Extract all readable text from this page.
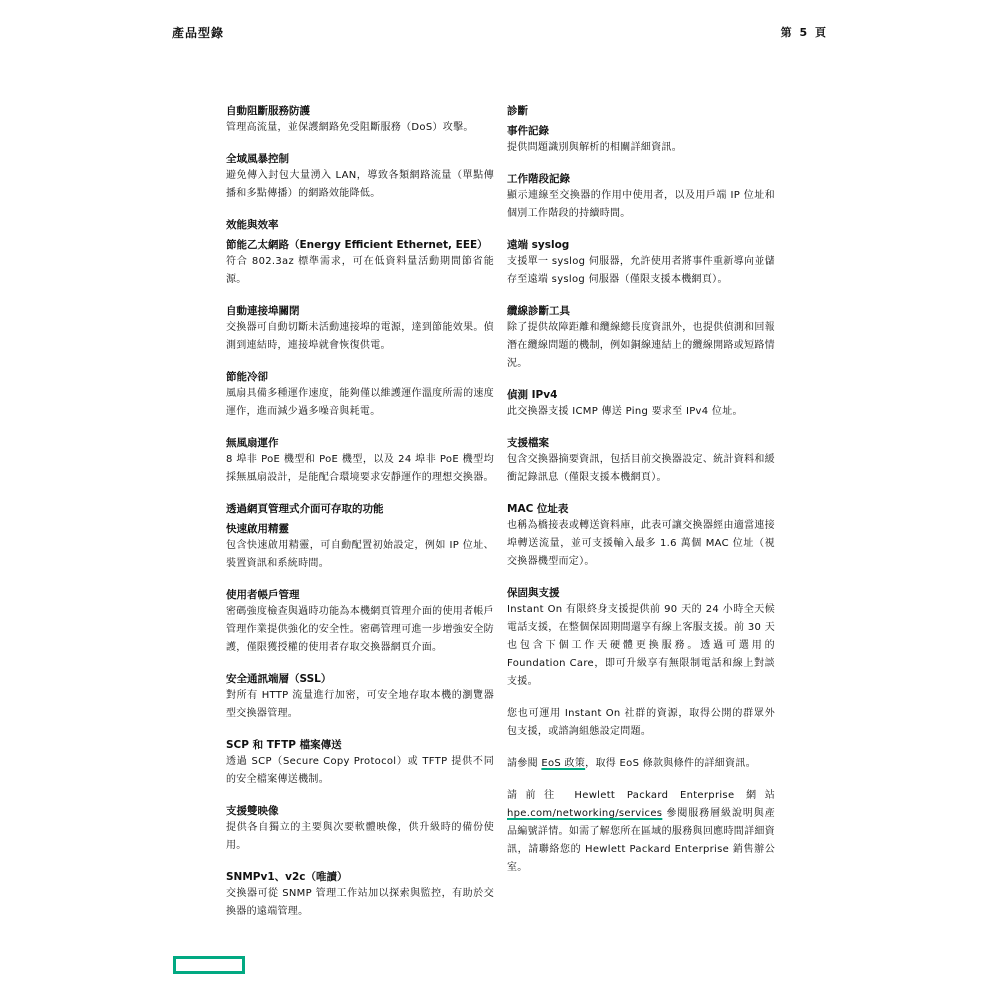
產品型錄	第 5 頁
自動阻斷服務防護
管理高流量，並保護網路免受阻斷服務（DoS）攻擊。
全域風暴控制
避免傳入封包大量湧入 LAN，導致各類網路流量（單點傳播和多點傳播）的網路效能降低。
效能與效率
節能乙太網路（Energy Efficient Ethernet, EEE）
符合 802.3az 標準需求，可在低資料量活動期間節省能源。
自動連接埠關閉
交換器可自動切斷未活動連接埠的電源，達到節能效果。偵測到連結時，連接埠就會恢復供電。
節能冷卻
風扇具備多種運作速度，能夠僅以維護運作溫度所需的速度運作，進而減少過多噪音與耗電。
無風扇運作
8 埠非 PoE 機型和 PoE 機型，以及 24 埠非 PoE 機型均採無風扇設計，是能配合環境要求安靜運作的理想交換器。
透過網頁管理式介面可存取的功能
快速啟用精靈
包含快速啟用精靈，可自動配置初始設定，例如 IP 位址、裝置資訊和系統時間。
使用者帳戶管理
密碼強度檢查與過時功能為本機網頁管理介面的使用者帳戶管理作業提供強化的安全性。密碼管理可進一步增強安全防護，僅限獲授權的使用者存取交換器網頁介面。
安全通訊端層（SSL）
對所有 HTTP 流量進行加密，可安全地存取本機的瀏覽器型交換器管理。
SCP 和 TFTP 檔案傳送
透過 SCP（Secure Copy Protocol）或 TFTP 提供不同的安全檔案傳送機制。
支援雙映像
提供各自獨立的主要與次要軟體映像，供升級時的備份使用。
SNMPv1、v2c（唯讀）
交換器可從 SNMP 管理工作站加以探索與監控，有助於交換器的遠端管理。
診斷
事件記錄
提供問題識別與解析的相關詳細資訊。
工作階段記錄
顯示連線至交換器的作用中使用者，以及用戶端 IP 位址和個別工作階段的持續時間。
遠端 syslog
支援單一 syslog 伺服器，允許使用者將事件重新導向並儲存至遠端 syslog 伺服器（僅限支援本機網頁）。
纜線診斷工具
除了提供故障距離和纜線總長度資訊外，也提供偵測和回報潛在纜線問題的機制，例如銅線連結上的纜線開路或短路情況。
偵測 IPv4
此交換器支援 ICMP 傳送 Ping 要求至 IPv4 位址。
支援檔案
包含交換器摘要資訊，包括目前交換器設定、統計資料和緩衝記錄訊息（僅限支援本機網頁）。
MAC 位址表
也稱為橋接表或轉送資料庫，此表可讓交換器經由適當連接埠轉送流量，並可支援輸入最多 1.6 萬個 MAC 位址（視交換器機型而定）。
保固與支援
Instant On 有限終身支援提供前 90 天的 24 小時全天候電話支援，在整個保固期間還享有線上客服支援。前 30 天也包含下個工作天硬體更換服務。透過可選用的 Foundation Care，即可升級享有無限制電話和線上對談支援。
您也可運用 Instant On 社群的資源，取得公開的群眾外包支援，或諮詢組態設定問題。
請參閱 EoS 政策，取得 EoS 條款與條件的詳細資訊。
請前往 Hewlett Packard Enterprise 網站 hpe.com/networking/services 參閱服務層級說明與產品編號詳情。如需了解您所在區域的服務與回應時間詳細資訊，請聯絡您的 Hewlett Packard Enterprise 銷售辦公室。
